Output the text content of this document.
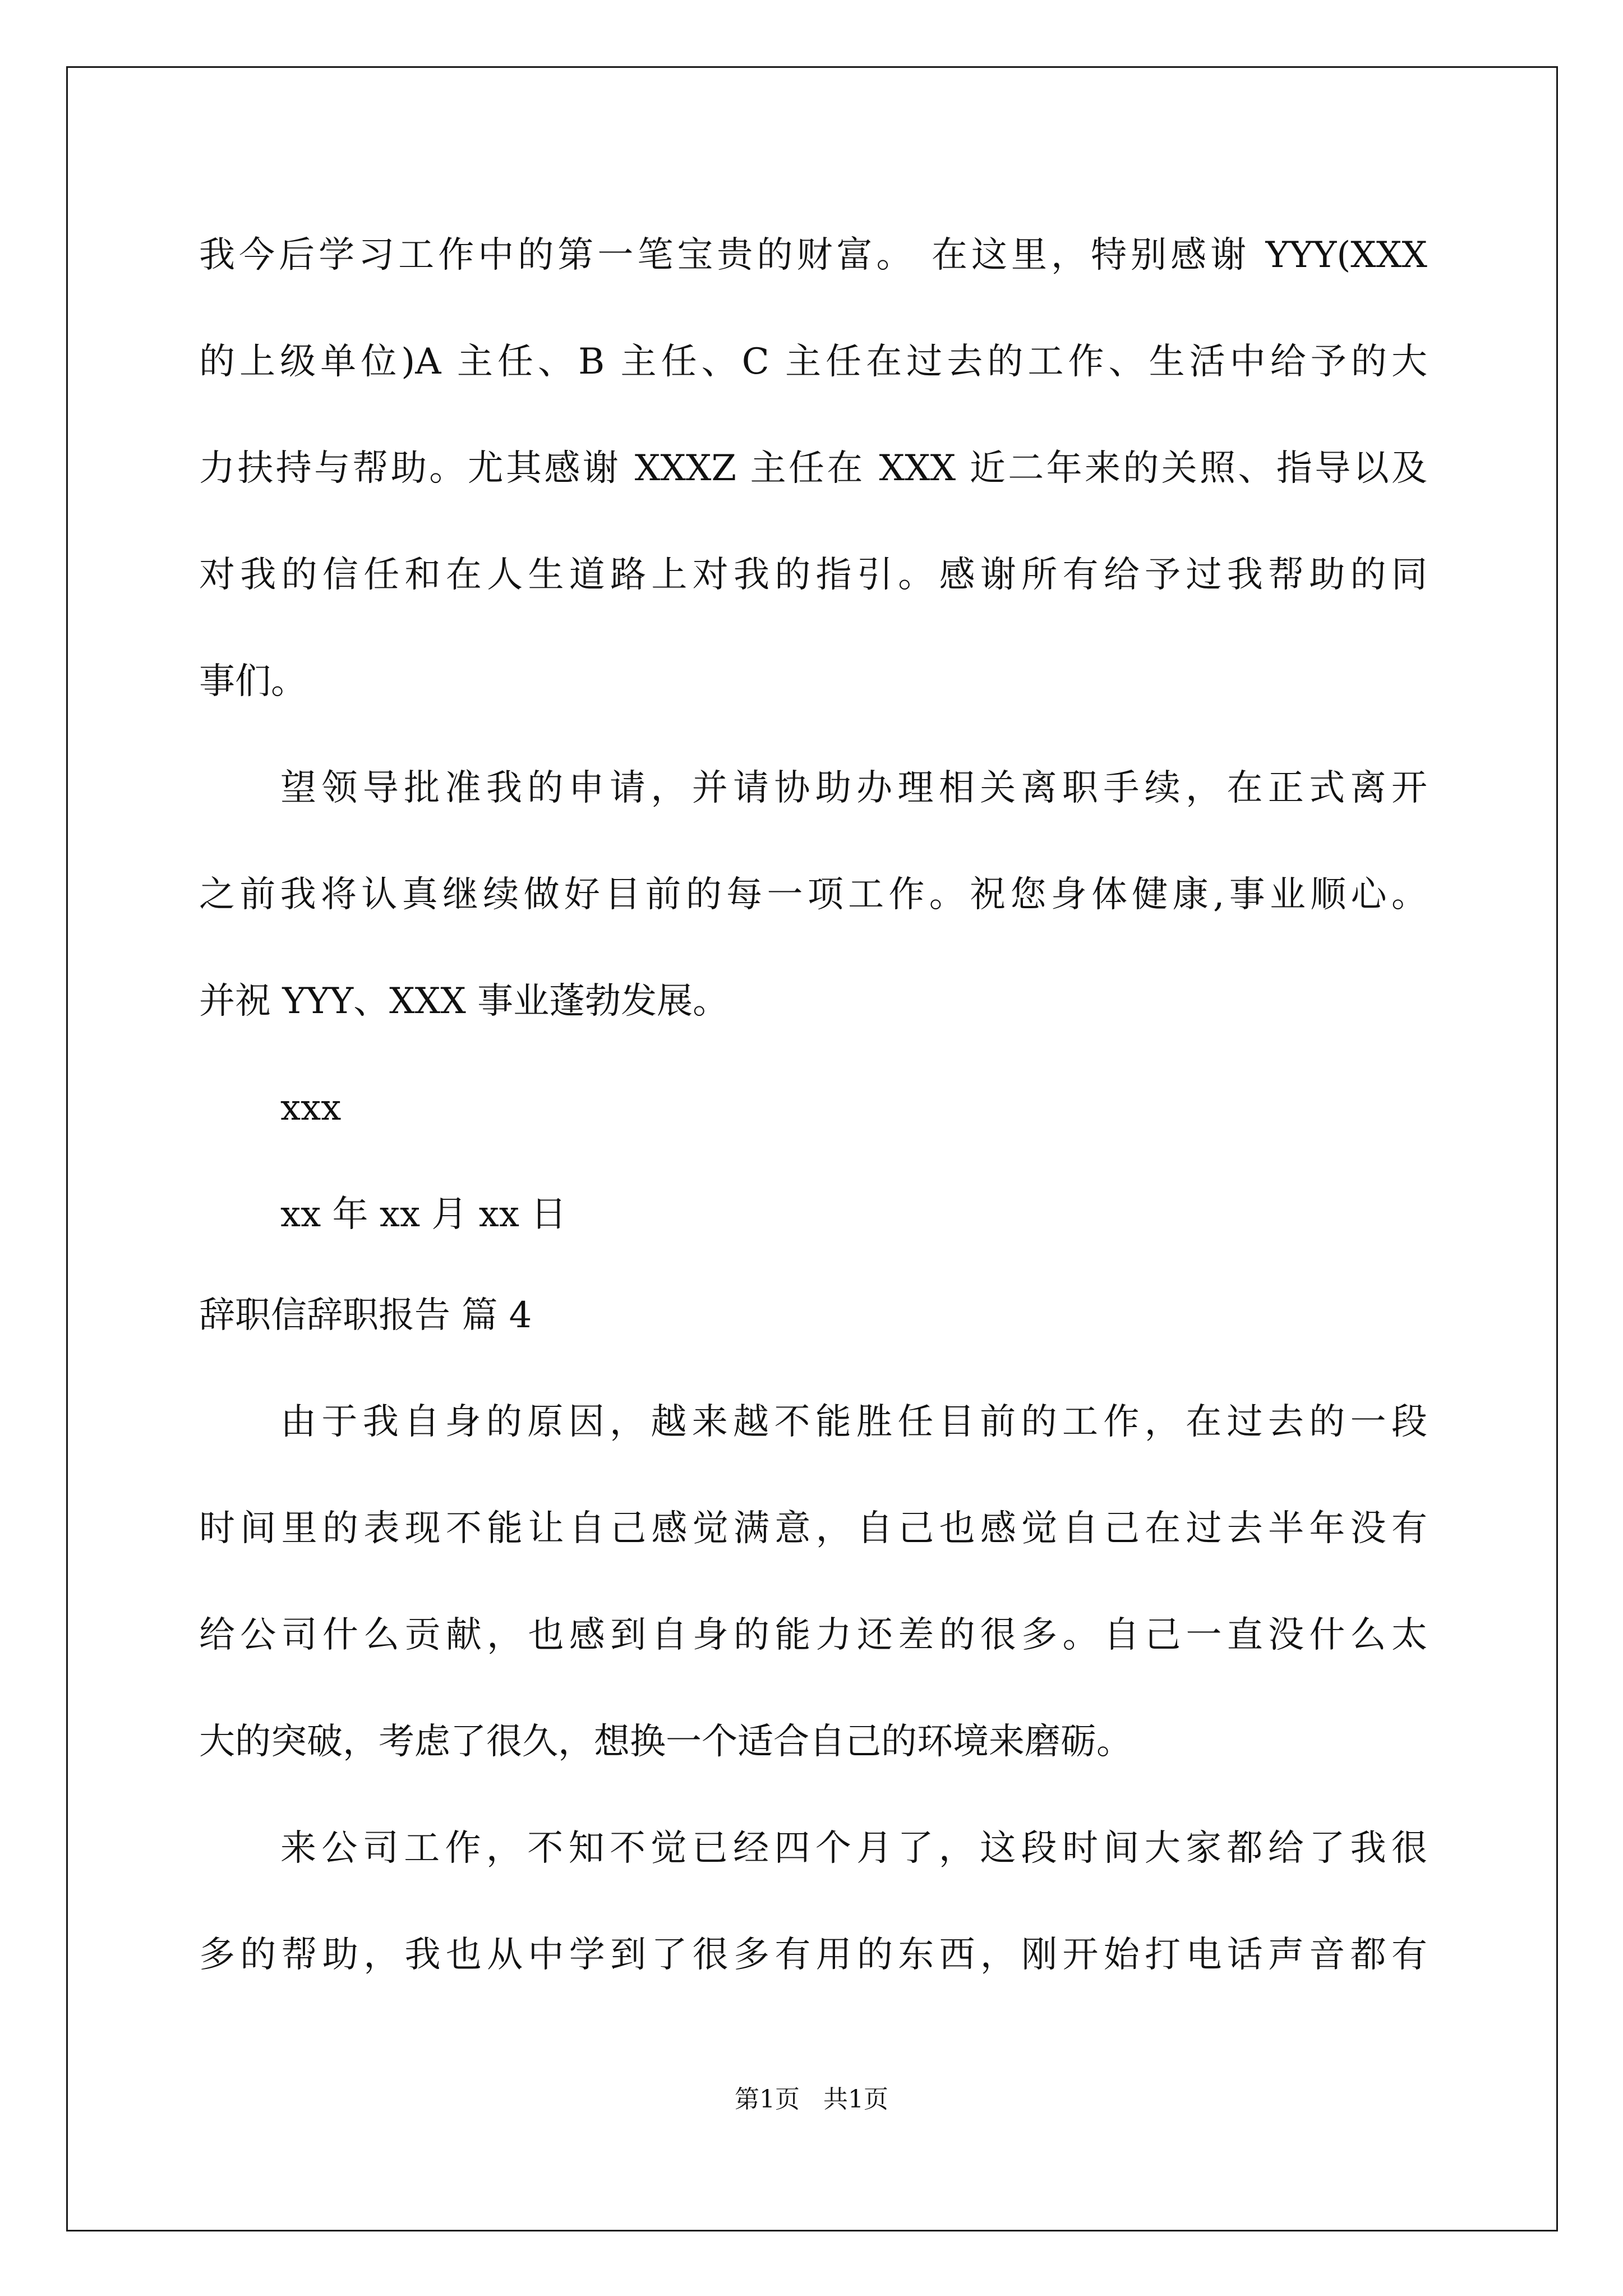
我今后学习工作中的第一笔宝贵的财富。 在这里，特别感谢 YYY(XXX

的上级单位)A 主任、B 主任、C 主任在过去的工作、生活中给予的大

力扶持与帮助。尤其感谢 XXXZ 主任在 XXX 近二年来的关照、指导以及

对我的信任和在人生道路上对我的指引。感谢所有给予过我帮助的同

事们。

望领导批准我的申请，并请协助办理相关离职手续，在正式离开

之前我将认真继续做好目前的每一项工作。祝您身体健康,事业顺心。

并祝 YYY、XXX 事业蓬勃发展。

xxx

xx 年 xx 月 xx 日

辞职信辞职报告 篇 4

由于我自身的原因，越来越不能胜任目前的工作，在过去的一段

时间里的表现不能让自己感觉满意，自己也感觉自己在过去半年没有

给公司什么贡献，也感到自身的能力还差的很多。自己一直没什么太

大的突破，考虑了很久，想换一个适合自己的环境来磨砺。

来公司工作，不知不觉已经四个月了，这段时间大家都给了我很

多的帮助，我也从中学到了很多有用的东西，刚开始打电话声音都有

第1页   共1页
